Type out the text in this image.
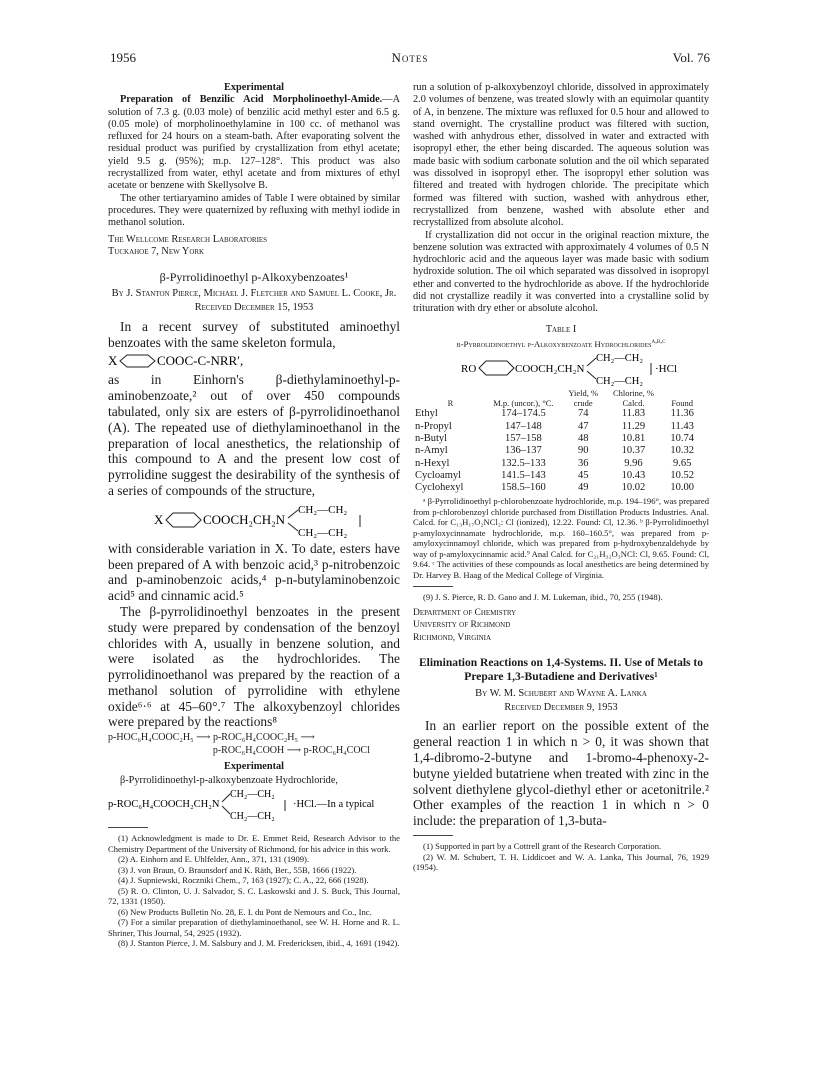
1956	Notes	Vol. 76

Experimental

Preparation of Benzilic Acid Morpholinoethyl-Amide.—A solution of 7.3 g. (0.03 mole) of benzilic acid methyl ester and 6.5 g. (0.05 mole) of morpholinoethylamine in 100 cc. of methanol was refluxed for 24 hours on a steam-bath. After evaporating solvent the residual product was purified by crystallization from ethyl acetate; yield 9.5 g. (95%); m.p. 127–128°. This product was also recrystallized from water, ethyl acetate and from mixtures of ethyl acetate or benzene with Skellysolve B.

The other tertiaryamino amides of Table I were obtained by similar procedures. They were quaternized by refluxing with methyl iodide in methanol solution.

The Wellcome Research Laboratories

Tuckahoe 7, New York

β-Pyrrolidinoethyl p-Alkoxybenzoates¹

By J. Stanton Pierce, Michael J. Fletcher and Samuel L. Cooke, Jr.

Received December 15, 1953

In a recent survey of substituted aminoethyl benzoates with the same skeleton formula,

X	COOC-C-NRR′,

as in Einhorn's β-diethylaminoethyl-p-aminobenzoate,² out of over 450 compounds tabulated, only six are esters of β-pyrrolidinoethanol (A). The repeated use of diethylaminoethanol in the preparation of local anesthetics, the relationship of this compound to A and the present low cost of pyrrolidine suggest the desirability of the synthesis of a series of compounds of the structure,

X	COOCH₂CH₂N
CH₂—CH₂
CH₂—CH₂

with considerable variation in X. To date, esters have been prepared of A with benzoic acid,³ p-nitrobenzoic and p-aminobenzoic acids,⁴ p-n-butylaminobenzoic acid⁵ and cinnamic acid.⁵

The β-pyrrolidinoethyl benzoates in the present study were prepared by condensation of the benzoyl chlorides with A, usually in benzene solution, and were isolated as the hydrochlorides. The pyrrolidinoethanol was prepared by the reaction of a methanol solution of pyrrolidine with ethylene oxide⁶·⁶ at 45–60°.⁷ The alkoxybenzoyl chlorides were prepared by the reactions⁸

p-HOC₆H₄COOC₂H₅ ⟶ p-ROC₆H₄COOC₂H₅ ⟶

p-ROC₆H₄COOH ⟶ p-ROC₆H₄COCl

Experimental

β-Pyrrolidinoethyl-p-alkoxybenzoate Hydrochloride,

p-ROC₆H₄COOCH₂CH₂N
CH₂—CH₂
CH₂—CH₂
·HCl.—In a typical

(1) Acknowledgment is made to Dr. E. Emmet Reid, Research Advisor to the Chemistry Department of the University of Richmond, for his advice in this work.

(2) A. Einhorn and E. Uhlfelder, Ann., 371, 131 (1909).

(3) J. von Braun, O. Braunsdorf and K. Räth, Ber., 55B, 1666 (1922).

(4) J. Supniewski, Roczniki Chem., 7, 163 (1927); C. A., 22, 666 (1928).

(5) R. O. Clinton, U. J. Salvador, S. C. Laskowski and J. S. Buck, This Journal, 72, 1331 (1950).

(6) New Products Bulletin No. 28, E. I. du Pont de Nemours and Co., Inc.

(7) For a similar preparation of diethylaminoethanol, see W. H. Horne and R. L. Shriner, This Journal, 54, 2925 (1932).

(8) J. Stanton Pierce, J. M. Salsbury and J. M. Fredericksen, ibid., 4, 1691 (1942).

run a solution of p-alkoxybenzoyl chloride, dissolved in approximately 2.0 volumes of benzene, was treated slowly with an equimolar quantity of A, in benzene. The mixture was refluxed for 0.5 hour and allowed to stand overnight. The crystalline product was filtered with suction, washed with anhydrous ether, dissolved in water and extracted with isopropyl ether, the ether being discarded. The aqueous solution was made basic with sodium carbonate solution and the oil which separated was dissolved in isopropyl ether. The isopropyl ether solution was filtered and treated with hydrogen chloride. The precipitate which formed was filtered with suction, washed with anhydrous ether, recrystallized from benzene, washed with absolute ether and recrystallized from absolute alcohol.

If crystallization did not occur in the original reaction mixture, the benzene solution was extracted with approximately 4 volumes of 0.5 N hydrochloric acid and the aqueous layer was made basic with sodium hydroxide solution. The oil which separated was dissolved in isopropyl ether and converted to the hydrochloride as above. If the hydrochloride did not crystallize readily it was converted into a crystalline solid by trituration with dry ether or absolute alcohol.

Table I

β-Pyrrolidinoethyl p-Alkoxybenzoate Hydrochlorides$^{a,b,c}$

RO	COOCH₂CH₂N
CH₂—CH₂
CH₂—CH₂
·HCl
R	M.p. (uncor.), °C.	Yield, % crude	Chlorine, % Calcd.	Found
Ethyl	174–174.5	74	11.83	11.36
n-Propyl	147–148	47	11.29	11.43
n-Butyl	157–158	48	10.81	10.74
n-Amyl	136–137	90	10.37	10.32
n-Hexyl	132.5–133	36	9.96	9.65
Cycloamyl	141.5–143	45	10.43	10.52
Cyclohexyl	158.5–160	49	10.02	10.00

ᵃ β-Pyrrolidinoethyl p-chlorobenzoate hydrochloride, m.p. 194–196°, was prepared from p-chlorobenzoyl chloride purchased from Distillation Products Industries. Anal. Calcd. for C₁₃H₁₇O₂NCl₂: Cl (ionized), 12.22. Found: Cl, 12.36. ᵇ β-Pyrrolidinoethyl p-amyloxycinnamate hydrochloride, m.p. 160–160.5°, was prepared from p-amyloxycinnamoyl chloride, which was prepared from p-hydroxybenzaldehyde by way of p-amyloxycinnamic acid.⁹ Anal Calcd. for C₂₁H₃₂O₃NCl: Cl, 9.65. Found: Cl, 9.64. ᶜ The activities of these compounds as local anesthetics are being determined by Dr. Harvey B. Haag of the Medical College of Virginia.

(9) J. S. Pierce, R. D. Gano and J. M. Lukeman, ibid., 70, 255 (1948).

Department of Chemistry

University of Richmond

Richmond, Virginia

Elimination Reactions on 1,4-Systems. II. Use of Metals to Prepare 1,3-Butadiene and Derivatives¹

By W. M. Schubert and Wayne A. Lanka

Received December 9, 1953

In an earlier report on the possible extent of the general reaction 1 in which n > 0, it was shown that 1,4-dibromo-2-butyne and 1-bromo-4-phenoxy-2-butyne yielded butatriene when treated with zinc in the solvent diethylene glycol-diethyl ether or acetonitrile.² Other examples of the reaction 1 in which n > 0 include: the preparation of 1,3-buta-

(1) Supported in part by a Cottrell grant of the Research Corporation.

(2) W. M. Schubert, T. H. Liddicoet and W. A. Lanka, This Journal, 76, 1929 (1954).
